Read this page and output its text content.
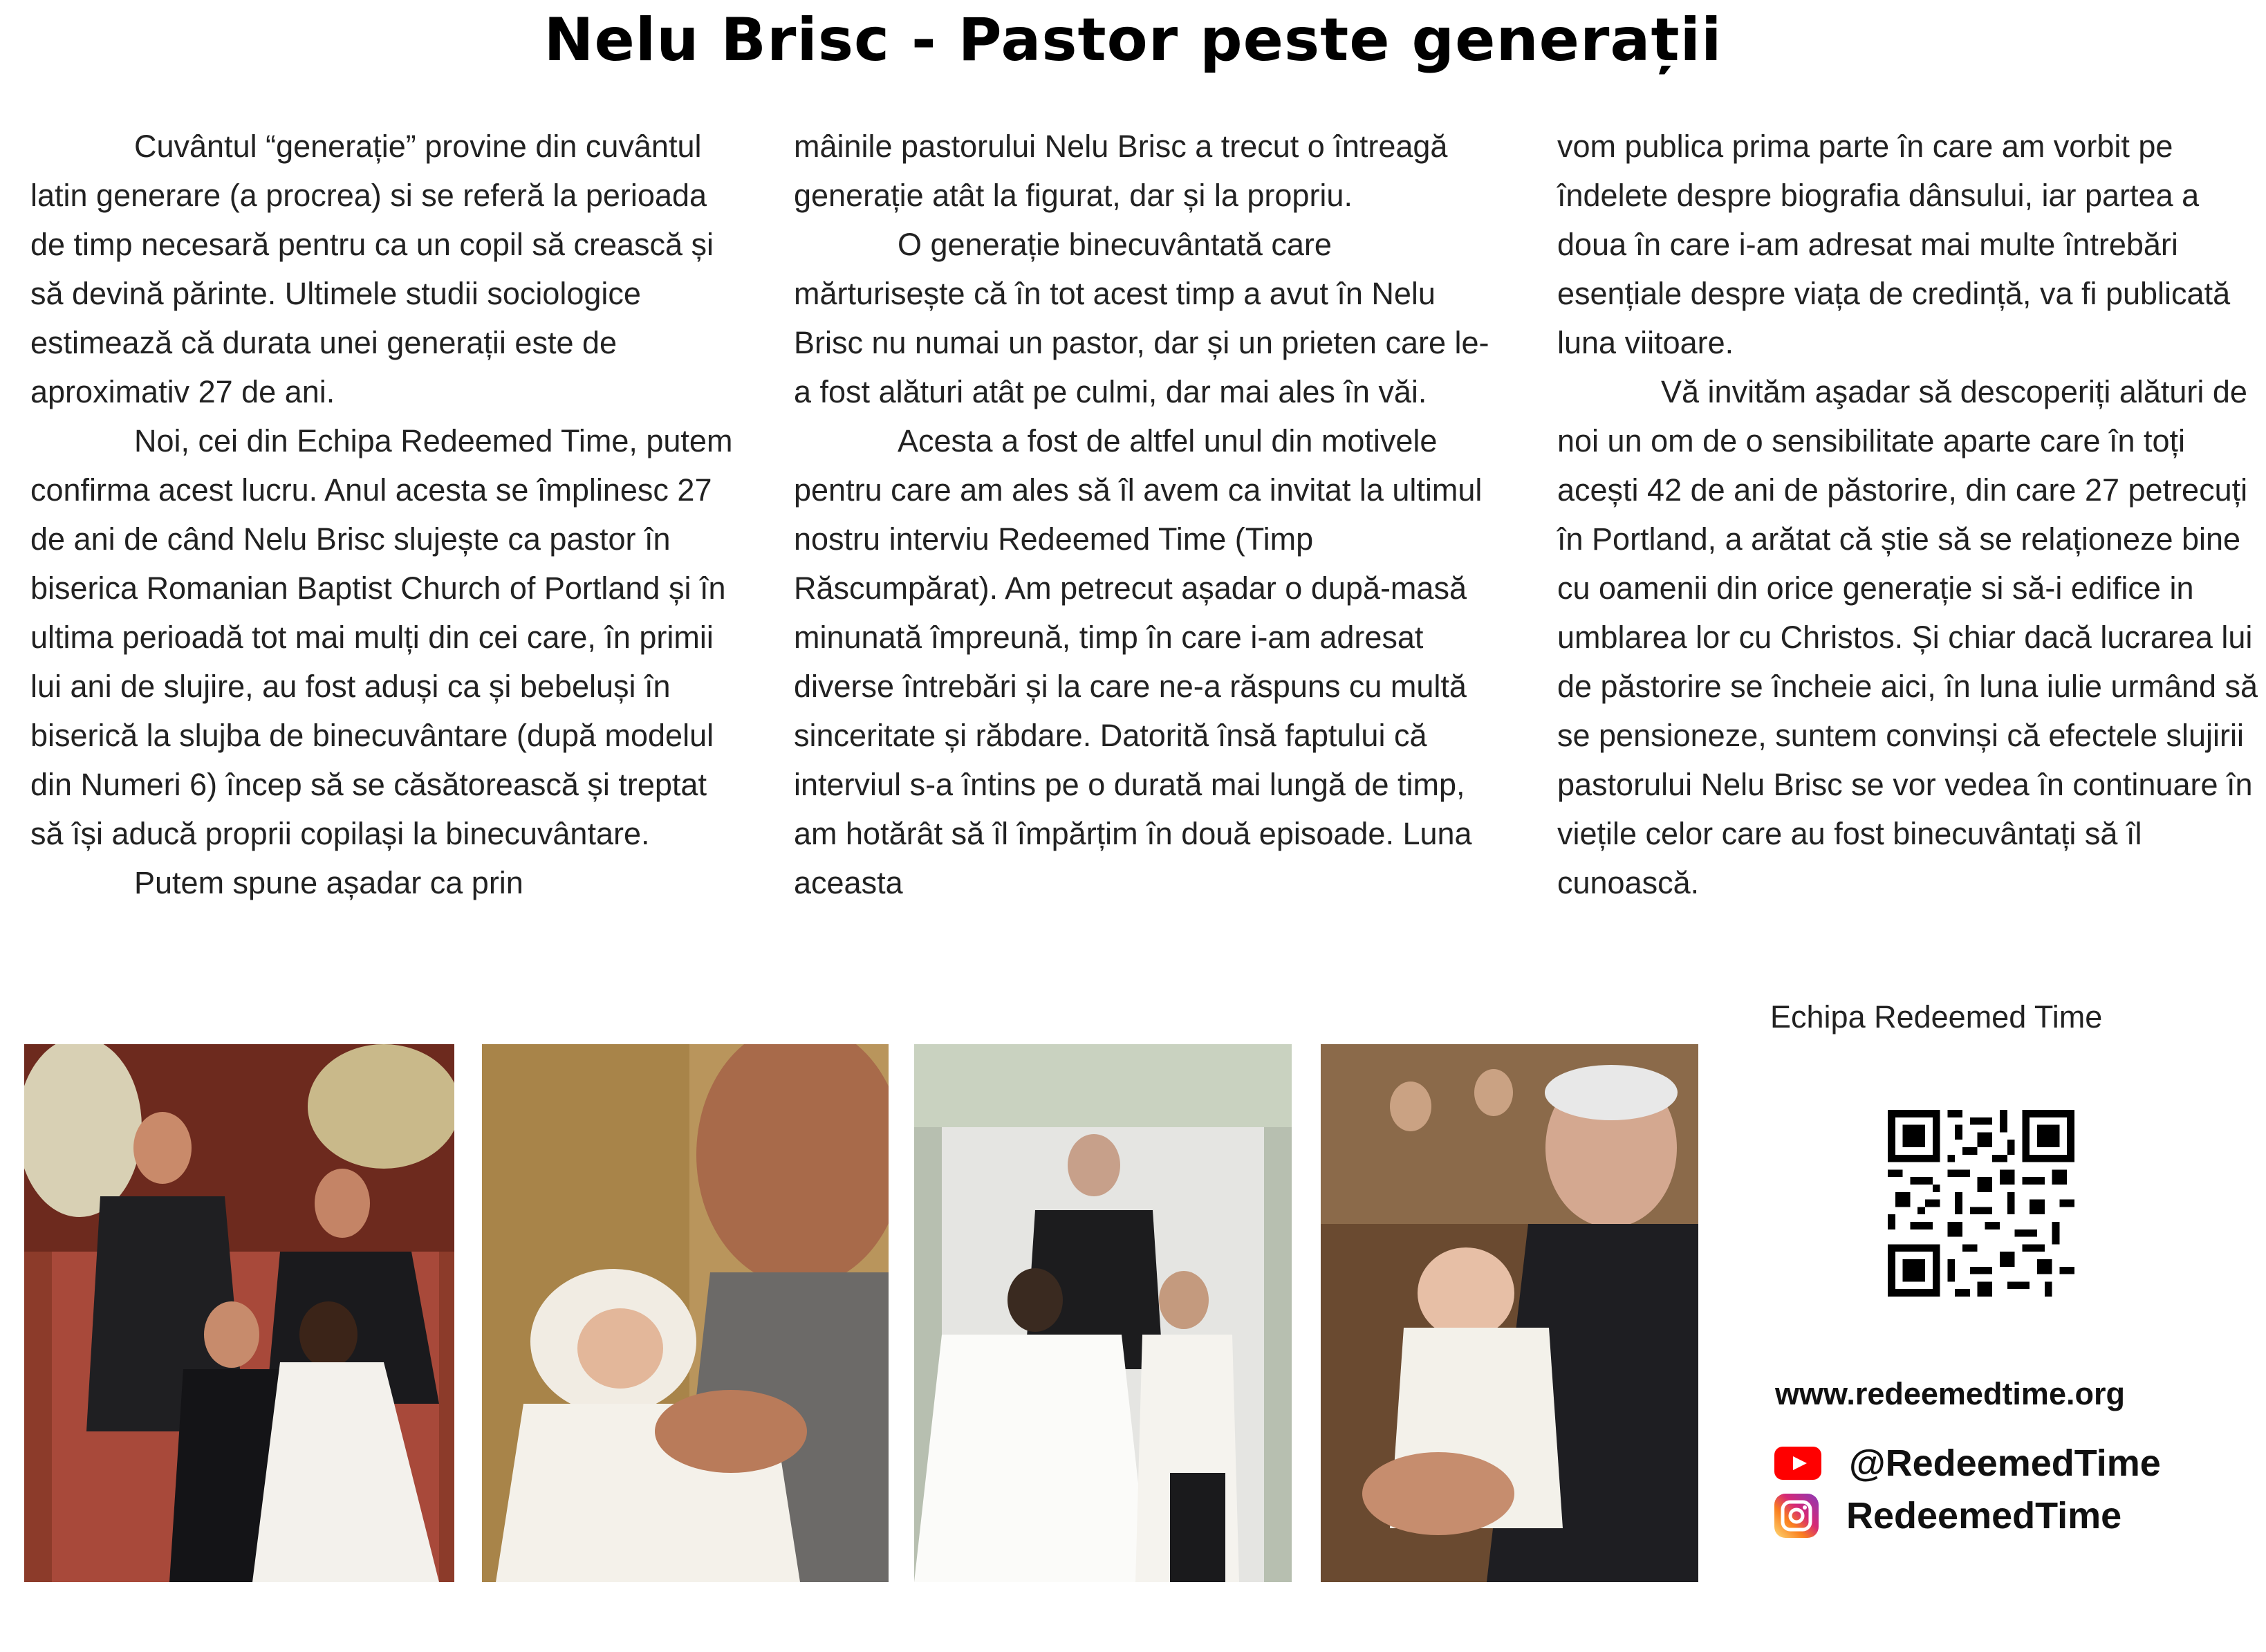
Nelu Brisc - Pastor peste generații

Cuvântul “generație” provine din cuvântul latin generare (a procrea) si se referă la perioada de timp necesară pentru ca un copil să crească și să devină părinte. Ultimele studii sociologice estimează că durata unei generații este de aproximativ 27 de ani.

Noi, cei din Echipa Redeemed Time, putem confirma acest lucru. Anul acesta se împlinesc 27 de ani de când Nelu Brisc slujește ca pastor în biserica Romanian Baptist Church of Portland și în ultima perioadă tot mai mulți din cei care, în primii lui ani de slujire, au fost aduși ca și bebeluși în biserică la slujba de binecuvântare (după modelul din Numeri 6) încep să se căsătorească și treptat să își aducă proprii copilași la binecuvântare.

Putem spune așadar ca prin

mâinile pastorului Nelu Brisc a trecut o întreagă generație atât la figurat, dar și la propriu.

O generație binecuvântată care mărturisește că în tot acest timp a avut în Nelu Brisc nu numai un pastor, dar și un prieten care le-a fost alături atât pe culmi, dar mai ales în văi.

Acesta a fost de altfel unul din motivele pentru care am ales să îl avem ca invitat la ultimul nostru interviu Redeemed Time (Timp Răscumpărat). Am petrecut așadar o după-masă minunată împreună, timp în care i-am adresat diverse întrebări și la care ne-a răspuns cu multă sinceritate și răbdare. Datorită însă faptului că interviul s-a întins pe o durată mai lungă de timp, am hotărât să îl împărțim în două episoade. Luna aceasta

vom publica prima parte în care am vorbit pe îndelete despre biografia dânsului, iar partea a doua în care i-am adresat mai multe întrebări esențiale despre viața de credință, va fi publicată luna viitoare.

Vă invităm aşadar să descoperiți alături de noi un om de o sensibilitate aparte care în toți acești 42 de ani de păstorire, din care 27 petrecuți în Portland, a arătat că știe să se relaționeze bine cu oamenii din orice generație si să-i edifice in umblarea lor cu Christos. Și chiar dacă lucrarea lui de păstorire se încheie aici, în luna iulie urmând să se pensioneze, suntem convinși că efectele slujirii pastorului Nelu Brisc se vor vedea în continuare în viețile celor care au fost binecuvântați să îl cunoască.

Echipa Redeemed Time
www.redeemedtime.org
@RedeemedTime
RedeemedTime
